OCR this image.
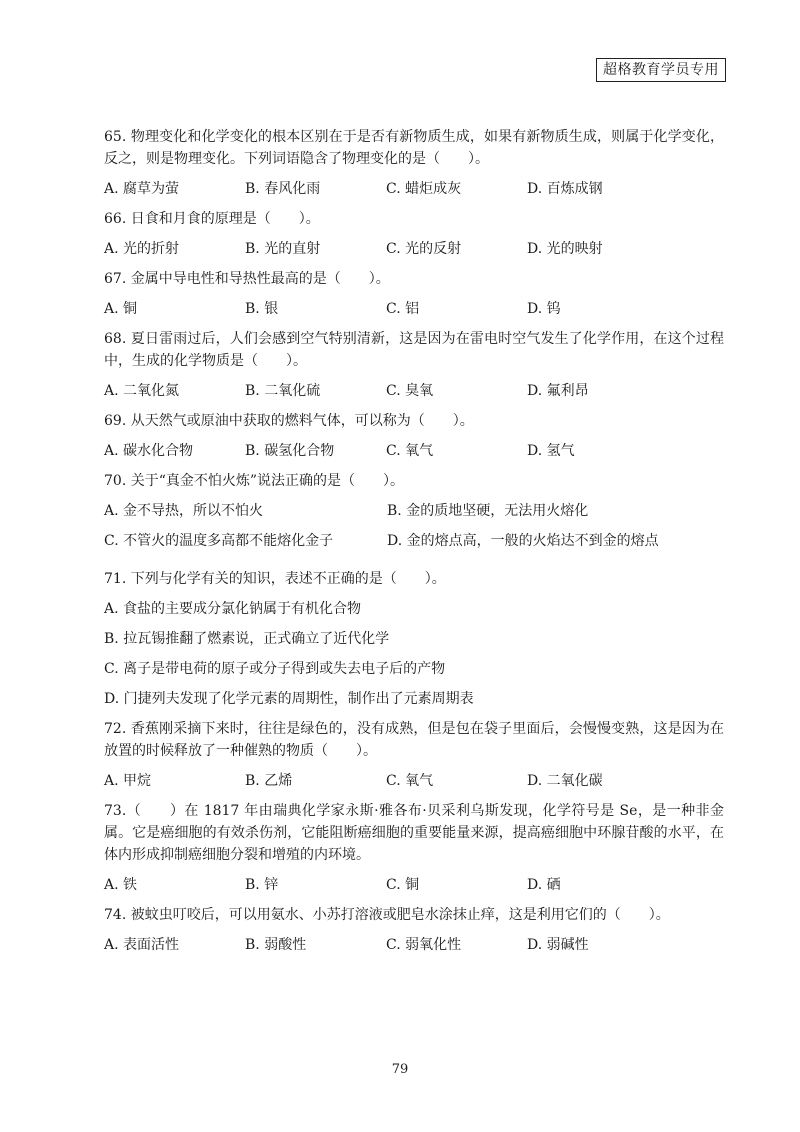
超格教育学员专用

65. 物理变化和化学变化的根本区别在于是否有新物质生成，如果有新物质生成，则属于化学变化，反之，则是物理变化。下列词语隐含了物理变化的是（　　）。

A. 腐草为萤	B. 春风化雨	C. 蜡炬成灰	D. 百炼成钢

66. 日食和月食的原理是（　　）。

A. 光的折射	B. 光的直射	C. 光的反射	D. 光的映射

67. 金属中导电性和导热性最高的是（　　）。

A. 铜	B. 银	C. 铝	D. 钨

68. 夏日雷雨过后，人们会感到空气特别清新，这是因为在雷电时空气发生了化学作用，在这个过程中，生成的化学物质是（　　）。

A. 二氧化氮	B. 二氧化硫	C. 臭氧	D. 氟利昂

69. 从天然气或原油中获取的燃料气体，可以称为（　　）。

A. 碳水化合物	B. 碳氢化合物	C. 氧气	D. 氢气

70. 关于“真金不怕火炼”说法正确的是（　　）。

A. 金不导热，所以不怕火	B. 金的质地坚硬，无法用火熔化
C. 不管火的温度多高都不能熔化金子	D. 金的熔点高，一般的火焰达不到金的熔点

71. 下列与化学有关的知识，表述不正确的是（　　）。

A. 食盐的主要成分氯化钠属于有机化合物
B. 拉瓦锡推翻了燃素说，正式确立了近代化学
C. 离子是带电荷的原子或分子得到或失去电子后的产物
D. 门捷列夫发现了化学元素的周期性，制作出了元素周期表

72. 香蕉刚采摘下来时，往往是绿色的，没有成熟，但是包在袋子里面后，会慢慢变熟，这是因为在放置的时候释放了一种催熟的物质（　　）。

A. 甲烷	B. 乙烯	C. 氧气	D. 二氧化碳

73.（　　）在 1817 年由瑞典化学家永斯·雅各布·贝采利乌斯发现，化学符号是 Se，是一种非金属。它是癌细胞的有效杀伤剂，它能阻断癌细胞的重要能量来源，提高癌细胞中环腺苷酸的水平，在体内形成抑制癌细胞分裂和增殖的内环境。

A. 铁	B. 锌	C. 铜	D. 硒

74. 被蚊虫叮咬后，可以用氨水、小苏打溶液或肥皂水涂抹止痒，这是利用它们的（　　）。

A. 表面活性	B. 弱酸性	C. 弱氧化性	D. 弱碱性
79
